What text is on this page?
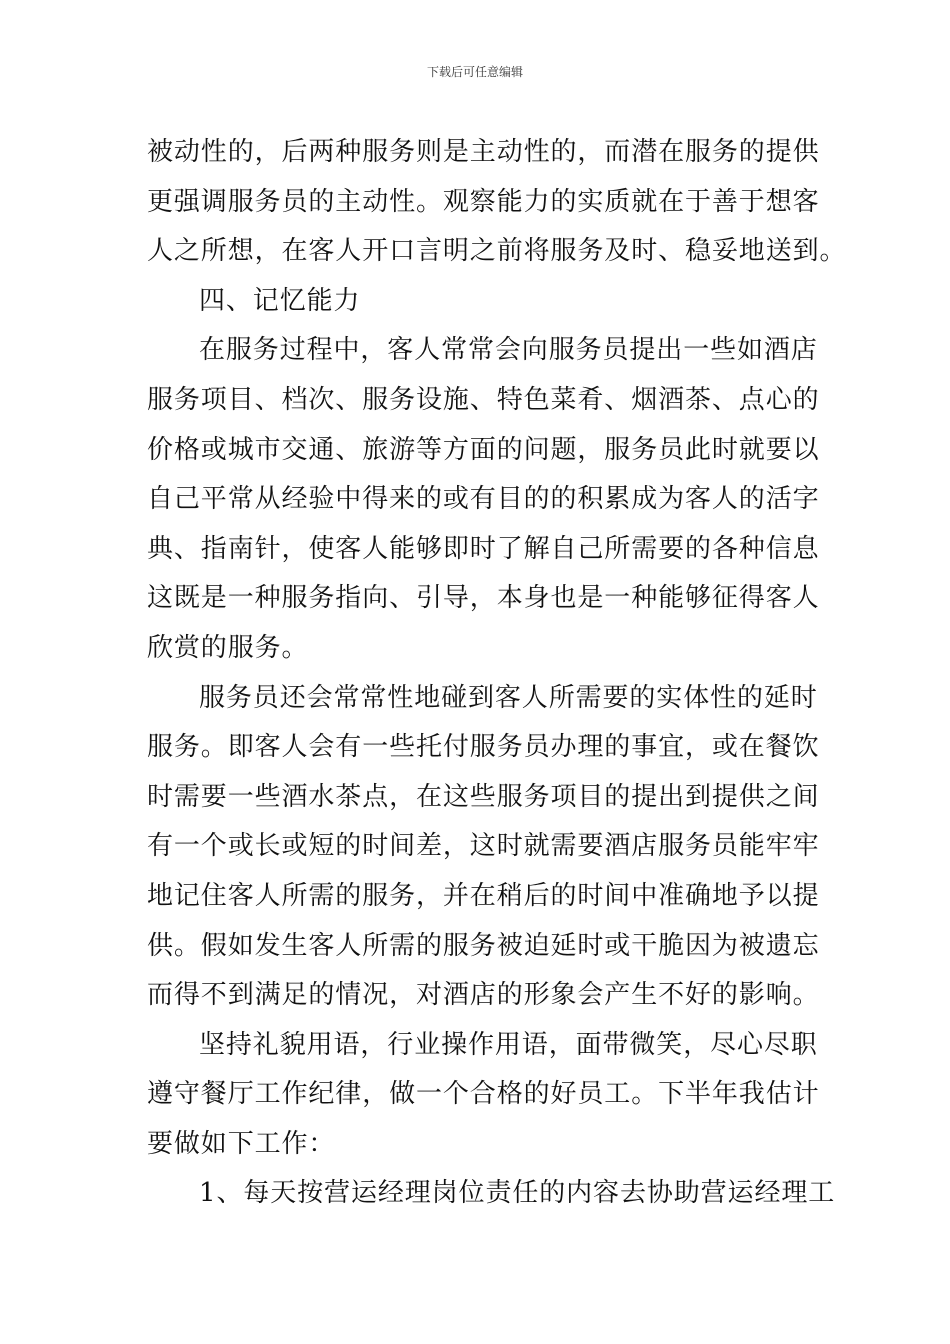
下载后可任意编辑
被动性的，后两种服务则是主动性的，而潜在服务的提供
更强调服务员的主动性。观察能力的实质就在于善于想客
人之所想，在客人开口言明之前将服务及时、稳妥地送到。
四、记忆能力
在服务过程中，客人常常会向服务员提出一些如酒店
服务项目、档次、服务设施、特色菜肴、烟酒茶、点心的
价格或城市交通、旅游等方面的问题，服务员此时就要以
自己平常从经验中得来的或有目的的积累成为客人的活字
典、指南针，使客人能够即时了解自己所需要的各种信息
这既是一种服务指向、引导，本身也是一种能够征得客人
欣赏的服务。
服务员还会常常性地碰到客人所需要的实体性的延时
服务。即客人会有一些托付服务员办理的事宜，或在餐饮
时需要一些酒水茶点，在这些服务项目的提出到提供之间
有一个或长或短的时间差，这时就需要酒店服务员能牢牢
地记住客人所需的服务，并在稍后的时间中准确地予以提
供。假如发生客人所需的服务被迫延时或干脆因为被遗忘
而得不到满足的情况，对酒店的形象会产生不好的影响。
坚持礼貌用语，行业操作用语，面带微笑，尽心尽职
遵守餐厅工作纪律，做一个合格的好员工。下半年我估计
要做如下工作：
1、每天按营运经理岗位责任的内容去协助营运经理工
